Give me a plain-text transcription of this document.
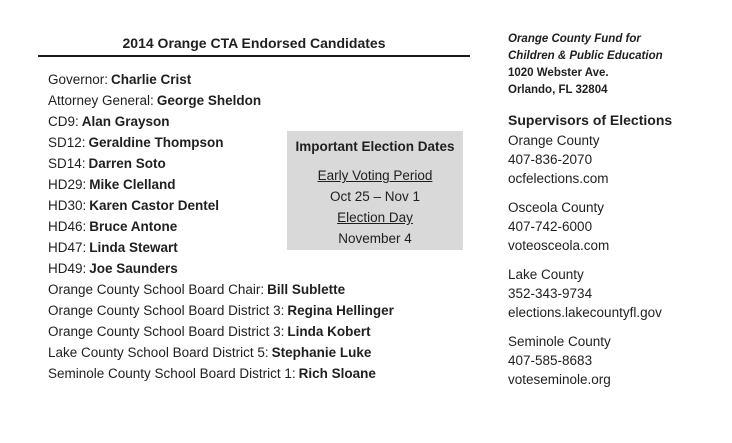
2014 Orange CTA Endorsed Candidates
Governor: Charlie Crist
Attorney General: George Sheldon
CD9: Alan Grayson
SD12: Geraldine Thompson
SD14: Darren Soto
HD29: Mike Clelland
HD30: Karen Castor Dentel
HD46: Bruce Antone
HD47: Linda Stewart
HD49: Joe Saunders
Orange County School Board Chair: Bill Sublette
Orange County School Board District 3: Regina Hellinger
Orange County School Board District 3: Linda Kobert
Lake County School Board District 5: Stephanie Luke
Seminole County School Board District 1: Rich Sloane
Important Election Dates
Early Voting Period
Oct 25 – Nov 1
Election Day
November 4
Orange County Fund for
Children & Public Education
1020 Webster Ave.
Orlando, FL 32804
Supervisors of Elections
Orange County
407-836-2070
ocfelections.com
Osceola County
407-742-6000
voteosceola.com
Lake County
352-343-9734
elections.lakecountyfl.gov
Seminole County
407-585-8683
voteseminole.org
